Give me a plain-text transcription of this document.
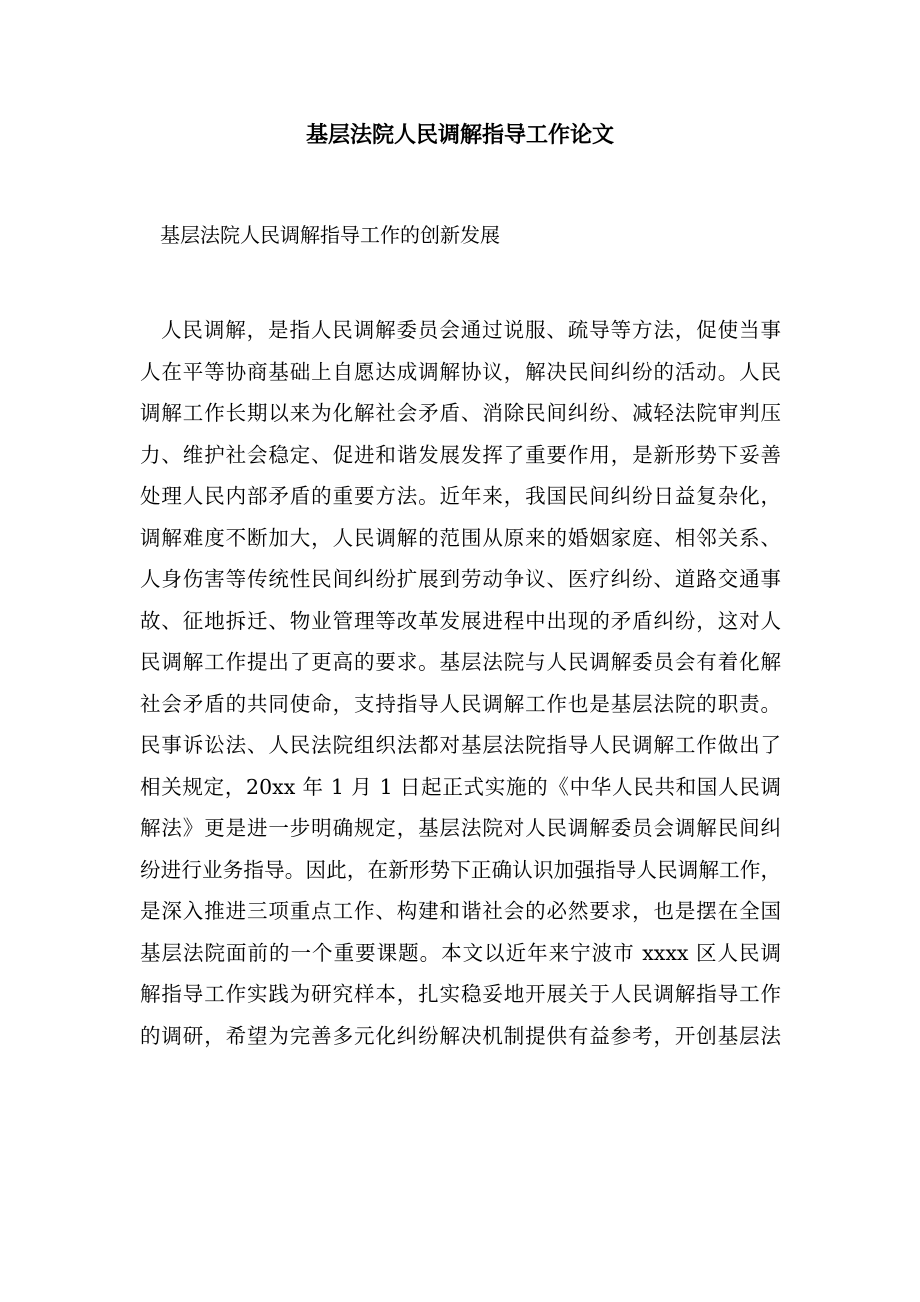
基层法院人民调解指导工作论文
基层法院人民调解指导工作的创新发展
人民调解，是指人民调解委员会通过说服、疏导等方法，促使当事
人在平等协商基础上自愿达成调解协议，解决民间纠纷的活动。人民
调解工作长期以来为化解社会矛盾、消除民间纠纷、减轻法院审判压
力、维护社会稳定、促进和谐发展发挥了重要作用，是新形势下妥善
处理人民内部矛盾的重要方法。近年来，我国民间纠纷日益复杂化，
调解难度不断加大，人民调解的范围从原来的婚姻家庭、相邻关系、
人身伤害等传统性民间纠纷扩展到劳动争议、医疗纠纷、道路交通事
故、征地拆迁、物业管理等改革发展进程中出现的矛盾纠纷，这对人
民调解工作提出了更高的要求。基层法院与人民调解委员会有着化解
社会矛盾的共同使命，支持指导人民调解工作也是基层法院的职责。
民事诉讼法、人民法院组织法都对基层法院指导人民调解工作做出了
相关规定，20xx 年 1 月 1 日起正式实施的《中华人民共和国人民调
解法》更是进一步明确规定，基层法院对人民调解委员会调解民间纠
纷进行业务指导。因此，在新形势下正确认识加强指导人民调解工作，
是深入推进三项重点工作、构建和谐社会的必然要求，也是摆在全国
基层法院面前的一个重要课题。本文以近年来宁波市 xxxx 区人民调
解指导工作实践为研究样本，扎实稳妥地开展关于人民调解指导工作
的调研，希望为完善多元化纠纷解决机制提供有益参考，开创基层法
